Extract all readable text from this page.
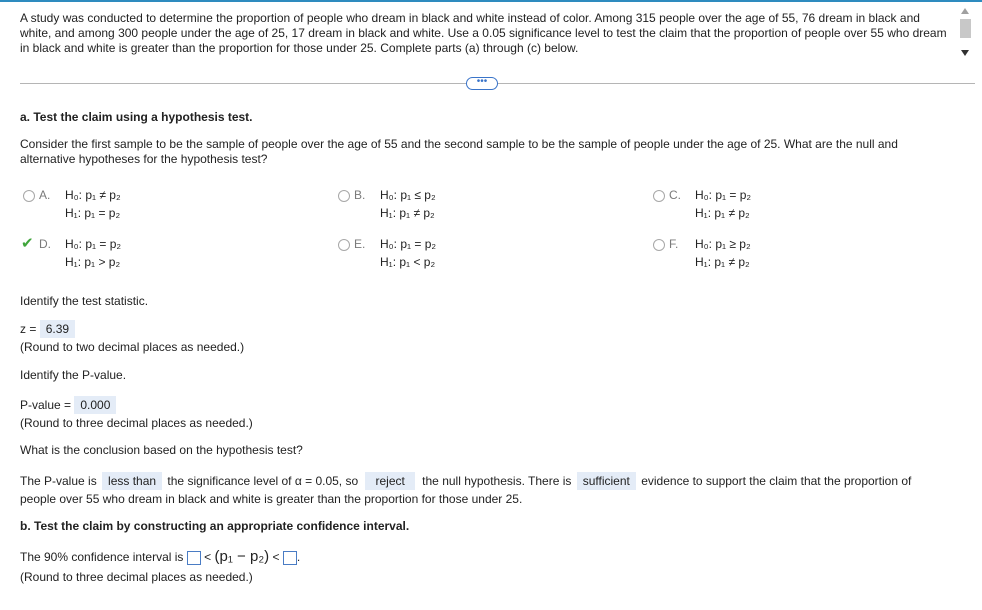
A study was conducted to determine the proportion of people who dream in black and white instead of color. Among 315 people over the age of 55, 76 dream in black and white, and among 300 people under the age of 25, 17 dream in black and white. Use a 0.05 significance level to test the claim that the proportion of people over 55 who dream in black and white is greater than the proportion for those under 25. Complete parts (a) through (c) below.
•••
a. Test the claim using a hypothesis test.
Consider the first sample to be the sample of people over the age of 55 and the second sample to be the sample of people under the age of 25. What are the null and alternative hypotheses for the hypothesis test?
A. H₀: p₁ ≠ p₂
H₁: p₁ = p₂
B. H₀: p₁ ≤ p₂
H₁: p₁ ≠ p₂
C. H₀: p₁ = p₂
H₁: p₁ ≠ p₂
✔ D. H₀: p₁ = p₂
H₁: p₁ > p₂
E. H₀: p₁ = p₂
H₁: p₁ < p₂
F. H₀: p₁ ≥ p₂
H₁: p₁ ≠ p₂
Identify the test statistic.
z = 6.39
(Round to two decimal places as needed.)
Identify the P-value.
P-value = 0.000
(Round to three decimal places as needed.)
What is the conclusion based on the hypothesis test?
The P-value is less than the significance level of α = 0.05, so reject the null hypothesis. There is sufficient evidence to support the claim that the proportion of
people over 55 who dream in black and white is greater than the proportion for those under 25.
b. Test the claim by constructing an appropriate confidence interval.
The 90% confidence interval is < (p₁ − p₂) < .
(Round to three decimal places as needed.)
